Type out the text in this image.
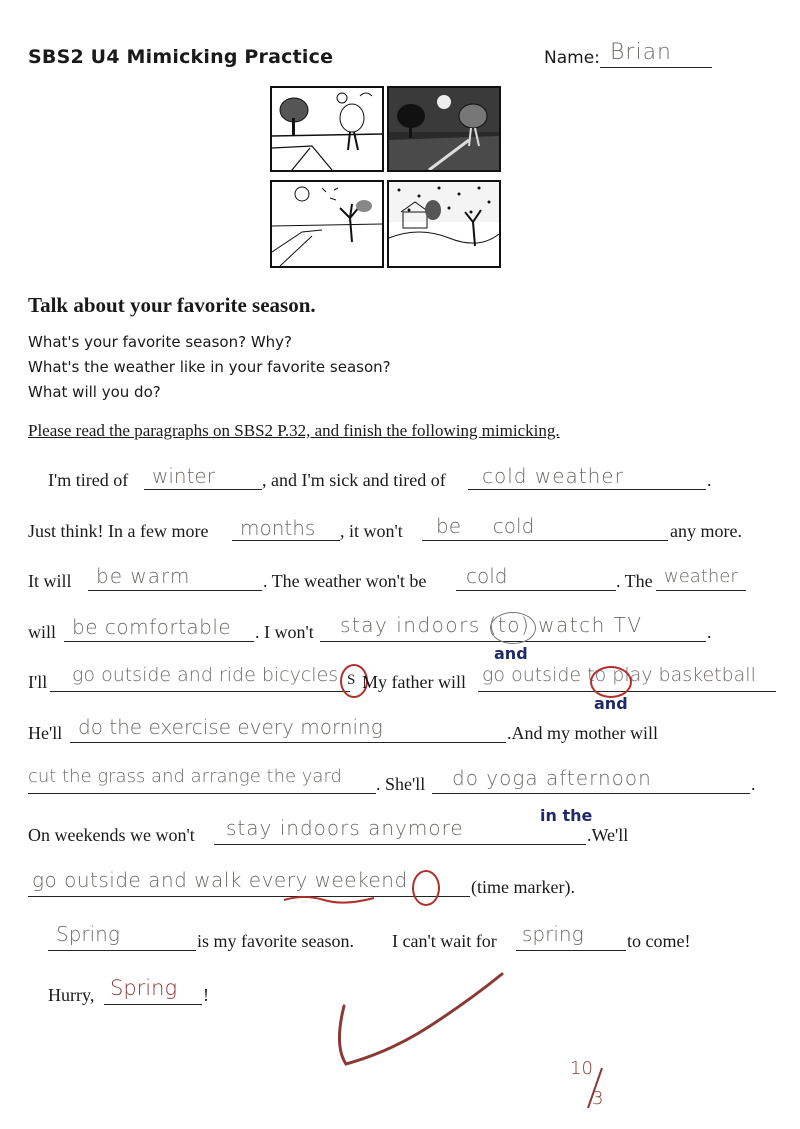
SBS2 U4 Mimicking Practice	Name: Brian
Talk about your favorite season.
What's your favorite season? Why?
What's the weather like in your favorite season?
What will you do?
Please read the paragraphs on SBS2 P.32, and finish the following mimicking.
I'm tired of winter	, and I'm sick and tired of cold weather	.
Just think! In a few more months , it won't be     cold	any more.
It will be warm	. The weather won't be cold	. The weather
will be comfortable . I won't stay indoors (to) watch TV	.
I'll go outside and ride bicycles S My father will
and
go outside to play basketball
and
He'll do the exercise every morning	.And my mother will
cut the grass and arrange the yard . She'll do yoga afternoon
in the
.
On weekends we won't stay indoors anymore	.We'll
go outside and walk every weekend	(time marker).
Spring	is my favorite season. I can't wait for spring to come!
Hurry, Spring !
10
3
